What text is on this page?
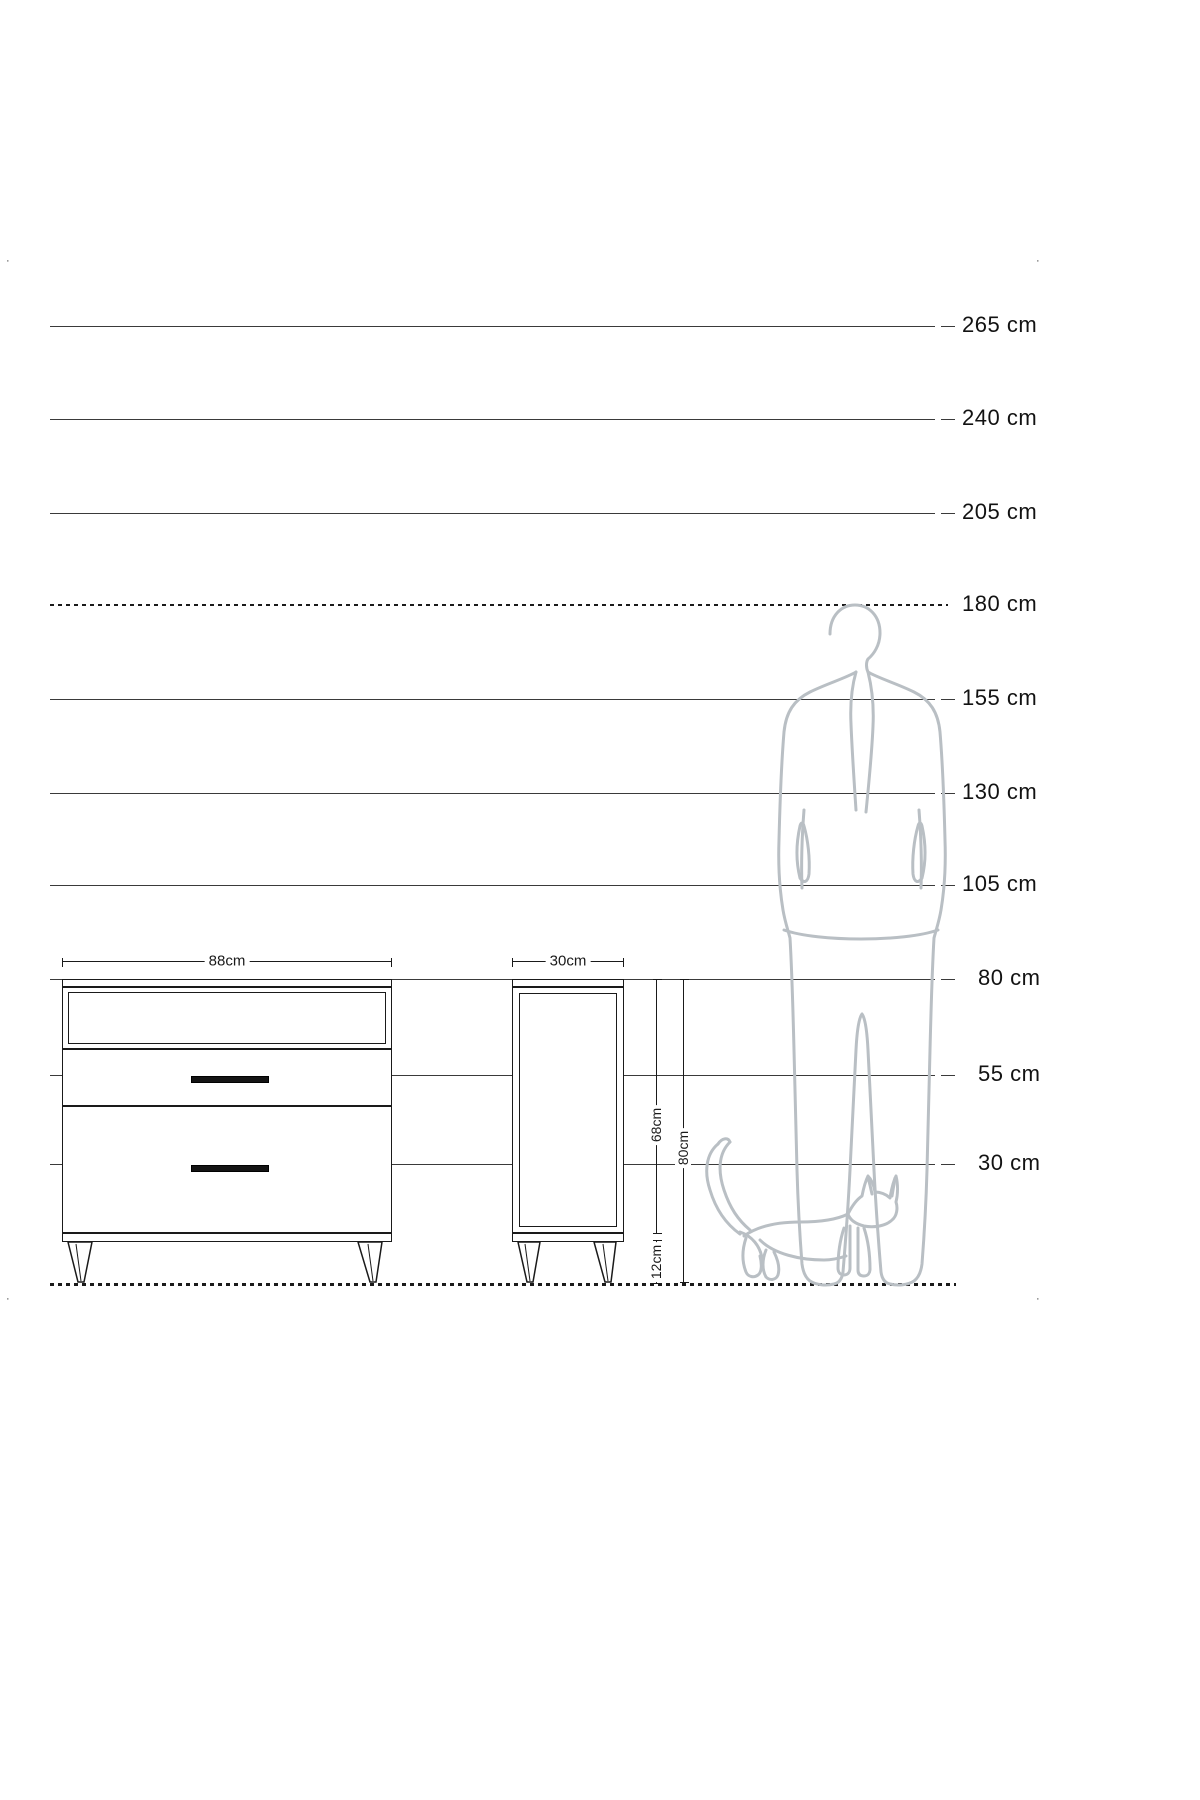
·	·
·	·
265 cm
240 cm
205 cm
180 cm
155 cm
130 cm
105 cm
80 cm
55 cm
30 cm
88cm	30cm
68cm
80cm
12cm
